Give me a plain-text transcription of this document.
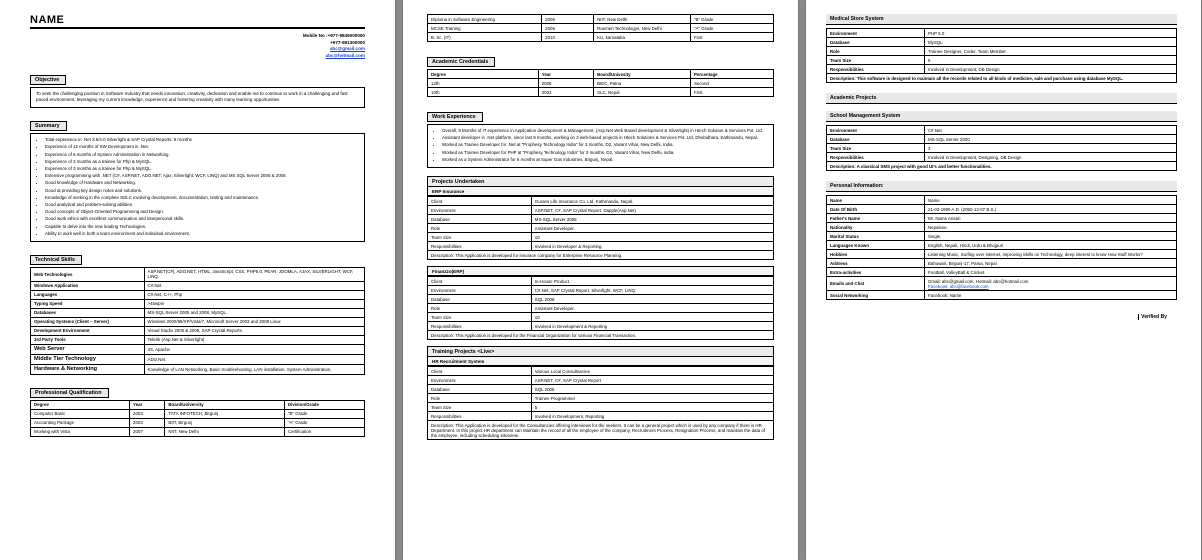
NAME
Mobile No :+977-9845000000
+977-981300000
abc@gmail.com
abc@hotmail.com
Objective
To seek the challenging position in Software Industry that needs innovation, creativity, dedication and enable me to continue to work in a challenging and fast paced environment, leveraging my current knowledge, experience and fostering creativity with many learning opportunities
Summary
• Total experience in .Net 3.5/4.0 Silverlight & SAP Crystal Reports: 9 months
• Experience of 12 months of SW Development in .Net.
• Experience of 6 months of System Administration in Networking.
• Experience of 3 months as a trainee for Php & MySQL.
• Experience of 3 months as a trainee for Php & MySQL.
• Extensive programming with .NET (C#, ASP.NET, ADO.NET, Ajax, Silverlight, WCF, LINQ) and MS SQL Server 2005 & 2008.
• Good knowledge of Hardware and Networking.
• Good at providing key design notes and solutions.
• Knowledge of working in the complete SDLC involving development, documentation, testing and maintenance.
• Good analytical and problem-solving abilities.
• Good concepts of Object-Oriented Programming and Design.
• Good work ethics with excellent communication and interpersonal skills.
• Capable to delve into the new leading Technologies.
• Ability to work well in both a team environment and individual environment.
Technical Skills
Web Technologies	ASP.NET(C#), ADO.NET, HTML, JavaScript, CSS, PHP5.0, PEAR, JOOMLA, AJAX, SILVERLIGHT, WCF, LINQ.
Windows Application	C#.Net.
Languages	C#.Net, C++, Php
Typing Speed	>45wpm
Databases	MS-SQL Server 2005 and 2008, MySQL.
Operating Systems (Client – Server)	Windows 2000/98/XP/Vista/7, Microsoft Server 2003 and 2008 Linux
Development Environment	Visual Studio 2005 & 2008, SAP Crystal Reports.
3rd Party Tools	Telerik (Asp.Net & Silverlight)
Web Server	IIS, Apache
Middle Tier Technology	ADO.Net.
Hardware & Networking	Knowledge of LAN Networking, Basic troubleshooting, LAN installation. System Administration.
Professional Qualification
Degree	Year	Board/University	Division/Grade
Computer Basic	2003	TATA INFOTECH, Birgunj	"B" Grade
Accounting Package	2003	BIIT, Birgunj	"A" Grade
Working with Vista	2007	NIIT, New Delhi	Certification
Diploma in Software Engineering	2008	NIIT, New Delhi	"B" Grade
MCSE Training	2009	Roemen Technologys, New Delhi	"A" Grade
B. Sc. (IT)	2010	KU, karnataka	First
Academic Credentials
Degree	Year	Board/Univesity	Percentage
12th	2006	BIEC, Patna	Second
10th	2003	SLC, Nepal	First
Work Experience
• Overall, 9 Months of IT experience in Application development & Management. (Asp.Net Web Based development & Silverlight) in Htech Solution & Services Pvt. Ltd.
• Assistant developer in .Net platform, since last 9 months, working on 2 web-based projects in Htech Solutions & Services Pvt. Ltd, Dhobidhara, Kathmandu, Nepal.
• Worked as Trainee Developer for .Net at "Prophesy Technology India" for 3 months, D2, Vasant Vihar, New Delhi, India.
• Worked as Trainee Developer for PHP at "Prophesy Technology India" for 3 months, D2, Vasant Vihar, New Delhi, india.
• Worked as a System Administrator for 6 months at Super Gas Industries, Birgunj, Nepal.
Projects Undertaken
ERP Insurance
Client	Gurans Life Insurance Co. Ltd, Kathmandu, Nepal.
Environment	ASP.NET, C#, SAP Crystal Report, Dapple(Asp.Net)
Database	MS-SQL Server 2008
Role	Assistant Developer.
Team Size	10
Responsibilities	Involved in Developer & Reporting.
Description: This Application is developed for insurace company for Enterprise Resource Planning.	
Finanzzo(ERP)
Client	In-House Product.
Environment	C#.Net, SAP Crystal Report, Silverlight, WCF, LINQ.
Database	SQL 2008
Role	Assistant Developer.
Team Size	10
Responsibilities	Involved in Development & Reporting
Description: This Application is developed for the Financial Organization for various Financial Transaction.	
Training Projects <Live>
HR Recruitment System
Client	Various Local Consultancies
Environment	ASP.NET, C#, SAP Crystal Report
Database	SQL 2005
Role	Trainee Programmer
Team Size	5
Responsibilities	Involved in Development, Reporting
Description: This Application is developed for the Consultancies offering interviews for the seekers. It can be a general project which is used by any company if there is HR Department. In this project HR department can Maintain the record of all the employee of the company, Recruitment Process, Resignation Process, and maintain the data of the employee, including scheduling interview.	
Medical Store System
Environment	PHP 5.0
Database	MySQL
Role	Trainee Designer, Coder, Team Member
Team Size	6
Responsibilities	Involved in Development, DB Design
Description: This software is designed to maintain all the records related to all kinds of medicine, sale and purchase using database MySQL.	
Academic Projects
School Management System
Environment	C#.Net
Database	MS-SQL Server 2000
Team Size	3
Responsibilities	Involved in Development, Designing, DB Design
Description: A classical SMS project with good UI's and better functionalities.	
Personal Information:
Name	Name
Date Of Birth	21-03-1990 A.D. (2050-12-07 B.S.)
Father's Name	Mr. Name Ansari
Nationality	Nepalese.
Marital Status	Single.
Languages Known	English, Nepali, Hindi, Urdu & Bhojpuri
Hobbies	Listening Music, Surfing over internet, improving Skills on Technology, deep interest to know How Stuff Works?
Address	Bahuwari, Birgunj-17, Parsa, Nepal
Extra-activities	Football, VolleyBall & Cricket.
Emails and Chat	Gmail: abc@gmail.com, Hotmail: abc@hotmail.com
Facebook: abc@facebook.com

Social Networking	Facebook: Name
Verified By
